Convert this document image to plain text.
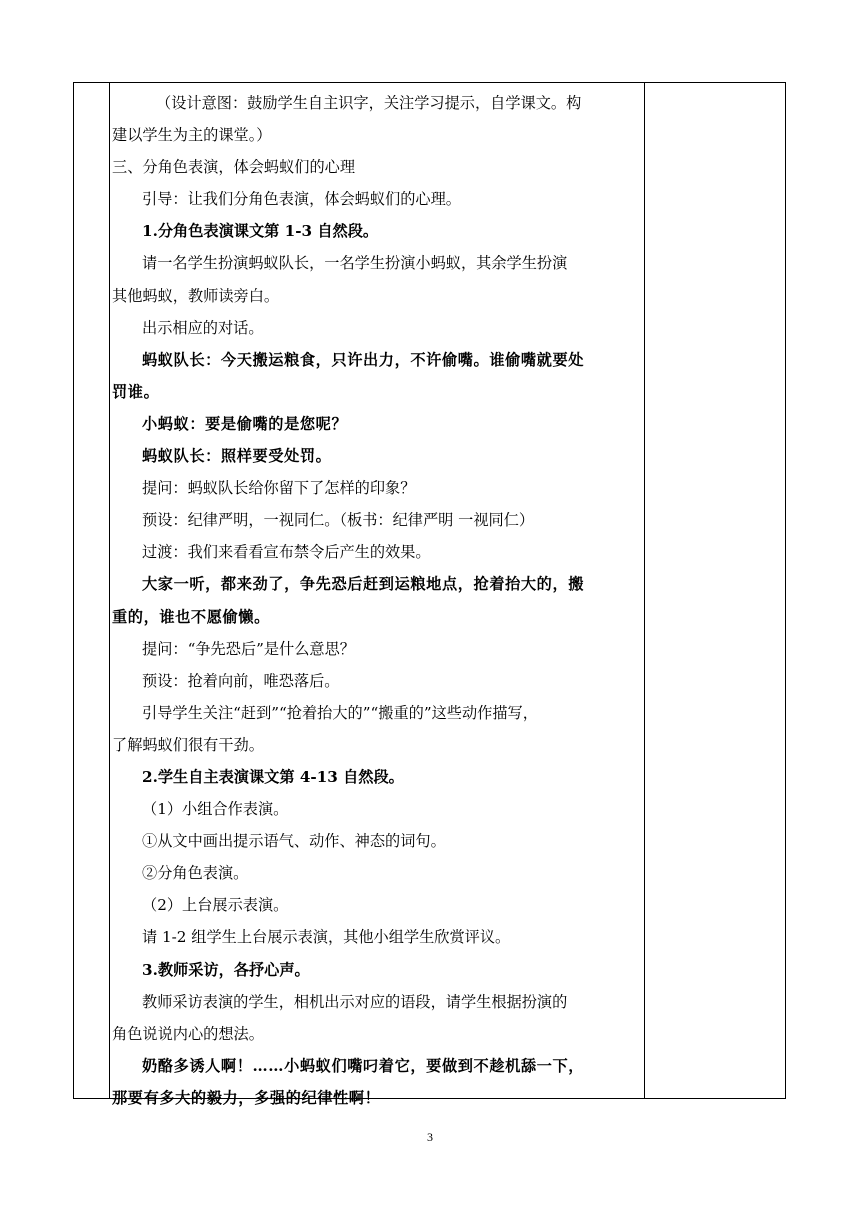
（设计意图：鼓励学生自主识字，关注学习提示，自学课文。构
建以学生为主的课堂。）
三、分角色表演，体会蚂蚁们的心理
引导：让我们分角色表演，体会蚂蚁们的心理。
1.分角色表演课文第 1-3 自然段。
请一名学生扮演蚂蚁队长，一名学生扮演小蚂蚁，其余学生扮演
其他蚂蚁，教师读旁白。
出示相应的对话。
蚂蚁队长：今天搬运粮食，只许出力，不许偷嘴。谁偷嘴就要处
罚谁。
小蚂蚁：要是偷嘴的是您呢？
蚂蚁队长：照样要受处罚。
提问：蚂蚁队长给你留下了怎样的印象？
预设：纪律严明，一视同仁。（板书：纪律严明 一视同仁）
过渡：我们来看看宣布禁令后产生的效果。
大家一听，都来劲了，争先恐后赶到运粮地点，抢着抬大的，搬
重的，谁也不愿偷懒。
提问：“争先恐后”是什么意思？
预设：抢着向前，唯恐落后。
引导学生关注“赶到”“抢着抬大的”“搬重的”这些动作描写，
了解蚂蚁们很有干劲。
2.学生自主表演课文第 4-13 自然段。
（1）小组合作表演。
①从文中画出提示语气、动作、神态的词句。
②分角色表演。
（2）上台展示表演。
请 1-2 组学生上台展示表演，其他小组学生欣赏评议。
3.教师采访，各抒心声。
教师采访表演的学生，相机出示对应的语段，请学生根据扮演的
角色说说内心的想法。
奶酪多诱人啊！……小蚂蚁们嘴叼着它，要做到不趁机舔一下，
那要有多大的毅力，多强的纪律性啊！
3
